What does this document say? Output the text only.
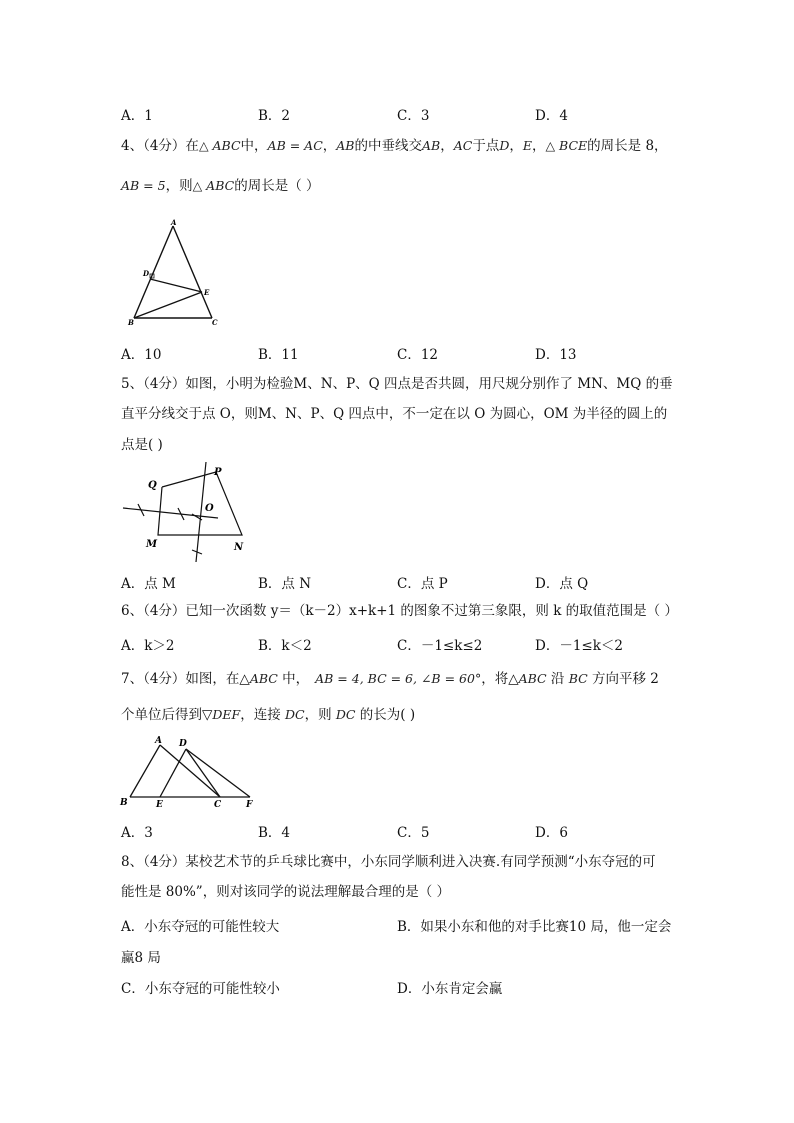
A．1	B．2	C．3	D．4
4、（4分）在△ ABC中，AB = AC，AB的中垂线交AB，AC于点D，E，△ BCE的周长是 8，
AB = 5，则△ ABC的周长是（ ）
A
D
E
B	C
A．10	B．11	C．12	D．13
5、（4分）如图，小明为检验M、N、P、Q 四点是否共圆，用尺规分别作了 MN、MQ 的垂
直平分线交于点 O，则M、N、P、Q 四点中，不一定在以 O 为圆心，OM 为半径的圆上的
点是( )
Q
P
O
M	N
A．点 M	B．点 N	C．点 P	D．点 Q
6、（4分）已知一次函数 y＝（k－2）x+k+1 的图象不过第三象限，则 k 的取值范围是（ ）
A．k＞2	B．k＜2	C．－1≤k≤2	D．－1≤k＜2
7、（4分）如图，在△ABC 中， AB = 4, BC = 6, ∠B = 60°，将△ABC 沿 BC 方向平移 2
个单位后得到▽DEF，连接 DC，则 DC 的长为( )
A D
B	E	C	F
A．3	B．4	C．5	D．6
8、（4分）某校艺术节的乒乓球比赛中，小东同学顺利进入决赛.有同学预测“小东夺冠的可
能性是 80%”，则对该同学的说法理解最合理的是（ ）
A．小东夺冠的可能性较大	B．如果小东和他的对手比赛10 局，他一定会
赢8 局
C．小东夺冠的可能性较小	D．小东肯定会赢
